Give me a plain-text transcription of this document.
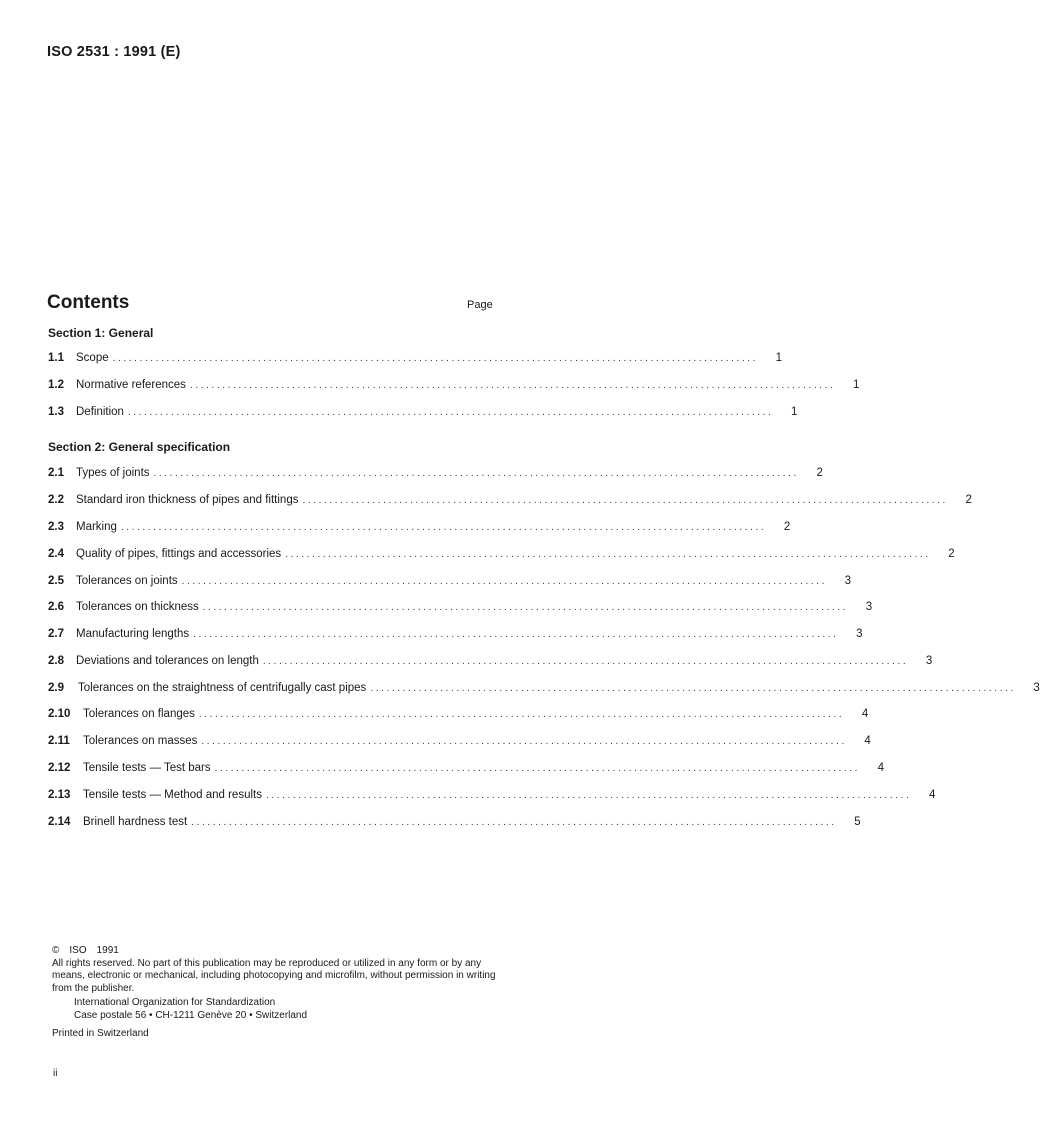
ISO 2531 : 1991 (E)
Contents	Page
Section 1: General
1.1	Scope ........................................................................................................................	1
1.2	Normative references ........................................................................................................................	1
1.3	Definition ........................................................................................................................	1
Section 2: General specification
2.1	Types of joints ........................................................................................................................	2
2.2	Standard iron thickness of pipes and fittings ........................................................................................................................	2
2.3	Marking ........................................................................................................................	2
2.4	Quality of pipes, fittings and accessories ........................................................................................................................	2
2.5	Tolerances on joints ........................................................................................................................	3
2.6	Tolerances on thickness ........................................................................................................................	3
2.7	Manufacturing lengths ........................................................................................................................	3
2.8	Deviations and tolerances on length ........................................................................................................................	3
2.9	Tolerances on the straightness of centrifugally cast pipes ........................................................................................................................	3
2.10	Tolerances on flanges ........................................................................................................................	4
2.11	Tolerances on masses ........................................................................................................................	4
2.12	Tensile tests — Test bars ........................................................................................................................	4
2.13	Tensile tests — Method and results ........................................................................................................................	4
2.14	Brinell hardness test ........................................................................................................................	5
© ISO 1991
All rights reserved. No part of this publication may be reproduced or utilized in any form or by any means, electronic or mechanical, including photocopying and microfilm, without permission in writing from the publisher.
International Organization for Standardization
Case postale 56 • CH-1211 Genève 20 • Switzerland
Printed in Switzerland
ii
